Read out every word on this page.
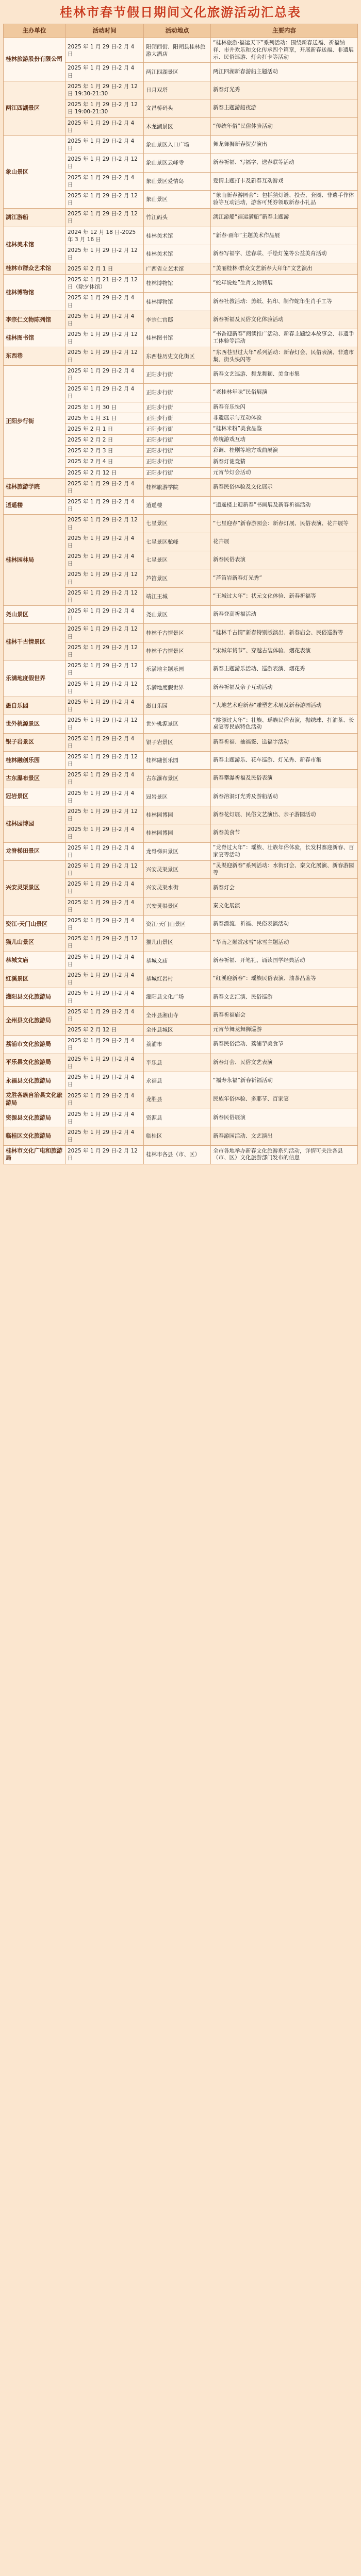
桂林市春节假日期间文化旅游活动汇总表
主办单位	活动时间	活动地点	主要内容
桂林旅游股份有限公司	2025 年 1 月 29 日-2 月 4 日	阳朔西街、阳朔县桂林旅游大酒店	“桂林旅游·福运天下”系列活动：围绕新春送福、祈福纳祥、市井欢乐和文化传承四个篇章，开展新春送福、非遗展示、民俗巡游、灯会打卡等活动
	2025 年 1 月 29 日-2 月 4 日	两江四湖景区	两江四湖新春游船主题活动
两江四湖景区	2025 年 1 月 29 日-2 月 12 日 19:30-21:30	日月双塔	新春灯光秀
	2025 年 1 月 29 日-2 月 12 日 19:00-21:30	文昌桥码头	新春主题游船夜游
	2025 年 1 月 29 日-2 月 4 日	木龙湖景区	“传统年俗”民俗体验活动
象山景区	2025 年 1 月 29 日-2 月 4 日	象山景区入口广场	舞龙舞狮新春贺岁演出
	2025 年 1 月 29 日-2 月 12 日	象山景区云峰寺	新春祈福、写福字、送春联等活动
	2025 年 1 月 29 日-2 月 4 日	象山景区爱情岛	爱情主题打卡及新春互动游戏
	2025 年 1 月 29 日-2 月 12 日	象山景区	“象山新春游园会”：包括猜灯谜、投壶、套圈、非遗手作体验等互动活动，游客可凭券领取新春小礼品
漓江游船	2025 年 1 月 29 日-2 月 12 日	竹江码头	漓江游船“福运满船”新春主题游
桂林美术馆	2024 年 12 月 18 日-2025 年 3 月 16 日	桂林美术馆	“新春·画年”主题美术作品展
	2025 年 1 月 29 日-2 月 12 日	桂林美术馆	新春写福字、送春联、手绘灯笼等公益美育活动
桂林市群众艺术馆	2025 年 2 月 1 日	广西省立艺术馆	“美丽桂林·群众文艺新春大拜年”文艺演出
桂林博物馆	2025 年 1 月 21 日-2 月 12 日（除夕休馆）	桂林博物馆	“蛇年说蛇”生肖文物特展
	2025 年 1 月 29 日-2 月 4 日	桂林博物馆	新春社教活动：剪纸、拓印、制作蛇年生肖手工等
李宗仁文物陈列馆	2025 年 1 月 29 日-2 月 4 日	李宗仁官邸	新春祈福及民俗文化体验活动
桂林图书馆	2025 年 1 月 29 日-2 月 12 日	桂林图书馆	“书香迎新春”阅读推广活动、新春主题绘本故事会、非遗手工体验等活动
东西巷	2025 年 1 月 29 日-2 月 12 日	东西巷历史文化街区	“东西巷里过大年”系列活动：新春灯会、民俗表演、非遗市集、街头快闪等
正阳步行街	2025 年 1 月 29 日-2 月 4 日	正阳步行街	新春文艺巡游、舞龙舞狮、美食市集
	2025 年 1 月 29 日-2 月 4 日	正阳步行街	“老桂林年味”民俗展演
	2025 年 1 月 30 日	正阳步行街	新春音乐快闪
	2025 年 1 月 31 日	正阳步行街	非遗展示与互动体验
	2025 年 2 月 1 日	正阳步行街	“桂林米粉”美食品鉴
	2025 年 2 月 2 日	正阳步行街	传统游戏互动
	2025 年 2 月 3 日	正阳步行街	彩调、桂剧等地方戏曲展演
	2025 年 2 月 4 日	正阳步行街	新春灯谜竞猜
	2025 年 2 月 12 日	正阳步行街	元宵节灯会活动
桂林旅游学院	2025 年 1 月 29 日-2 月 4 日	桂林旅游学院	新春民俗体验及文化展示
逍遥楼	2025 年 1 月 29 日-2 月 4 日	逍遥楼	“逍遥楼上迎新春”书画展及新春祈福活动
桂林园林局	2025 年 1 月 29 日-2 月 12 日	七星景区	“七星迎春”新春游园会：新春灯展、民俗表演、花卉展等
	2025 年 1 月 29 日-2 月 4 日	七星景区驼峰	花卉展
	2025 年 1 月 29 日-2 月 4 日	七星景区	新春民俗表演
	2025 年 1 月 29 日-2 月 12 日	芦笛景区	“芦笛岩新春灯光秀”
	2025 年 1 月 29 日-2 月 12 日	靖江王城	“王城过大年”：状元文化体验、新春祈福等
尧山景区	2025 年 1 月 29 日-2 月 4 日	尧山景区	新春登高祈福活动
桂林千古情景区	2025 年 1 月 29 日-2 月 12 日	桂林千古情景区	“桂林千古情”新春特别版演出、新春庙会、民俗巡游等
	2025 年 1 月 29 日-2 月 12 日	桂林千古情景区	“宋城年货节”、穿越古装体验、烟花表演
乐满地度假世界	2025 年 1 月 29 日-2 月 12 日	乐满地主题乐园	新春主题游乐活动、巡游表演、烟花秀
	2025 年 1 月 29 日-2 月 12 日	乐满地度假世界	新春祈福及亲子互动活动
愚自乐园	2025 年 1 月 29 日-2 月 4 日	愚自乐园	“大地艺术迎新春”雕塑艺术展及新春游园活动
世外桃源景区	2025 年 1 月 29 日-2 月 12 日	世外桃源景区	“桃源过大年”：壮族、瑶族民俗表演，抛绣球、打油茶、长桌宴等民族特色活动
银子岩景区	2025 年 1 月 29 日-2 月 4 日	银子岩景区	新春祈福、抽福签、送福字活动
桂林融创乐园	2025 年 1 月 29 日-2 月 12 日	桂林融创乐园	新春主题游乐、花车巡游、灯光秀、新春市集
古东瀑布景区	2025 年 1 月 29 日-2 月 4 日	古东瀑布景区	新春攀瀑祈福及民俗表演
冠岩景区	2025 年 1 月 29 日-2 月 4 日	冠岩景区	新春溶洞灯光秀及游船活动
桂林园博园	2025 年 1 月 29 日-2 月 12 日	桂林园博园	新春花灯展、民俗文艺演出、亲子游园活动
	2025 年 1 月 29 日-2 月 4 日	桂林园博园	新春美食节
龙脊梯田景区	2025 年 1 月 29 日-2 月 4 日	龙脊梯田景区	“龙脊过大年”：瑶族、壮族年俗体验，长发村寨迎新春、百家宴等活动
兴安灵渠景区	2025 年 1 月 29 日-2 月 12 日	兴安灵渠景区	“灵渠迎新春”系列活动：水街灯会、秦文化展演、新春游园等
	2025 年 1 月 29 日-2 月 4 日	兴安灵渠水街	新春灯会
	2025 年 1 月 29 日-2 月 4 日	兴安灵渠景区	秦文化展演
资江·天门山景区	2025 年 1 月 29 日-2 月 4 日	资江·天门山景区	新春漂流、祈福、民俗表演活动
猫儿山景区	2025 年 1 月 29 日-2 月 12 日	猫儿山景区	“华南之巅赏冰雪”冰雪主题活动
恭城文庙	2025 年 1 月 29 日-2 月 4 日	恭城文庙	新春祈福、开笔礼、诵读国学经典活动
红溪景区	2025 年 1 月 29 日-2 月 4 日	恭城红岩村	“红溪迎新春”：瑶族民俗表演、油茶品鉴等
灌阳县文化旅游局	2025 年 1 月 29 日-2 月 4 日	灌阳县文化广场	新春文艺汇演、民俗巡游
全州县文化旅游局	2025 年 1 月 29 日-2 月 4 日	全州县湘山寺	新春祈福庙会
	2025 年 2 月 12 日	全州县城区	元宵节舞龙舞狮巡游
荔浦市文化旅游局	2025 年 1 月 29 日-2 月 4 日	荔浦市	新春民俗活动、荔浦芋美食节
平乐县文化旅游局	2025 年 1 月 29 日-2 月 4 日	平乐县	新春灯会、民俗文艺表演
永福县文化旅游局	2025 年 1 月 29 日-2 月 4 日	永福县	“福寿永福”新春祈福活动
龙胜各族自治县文化旅游局	2025 年 1 月 29 日-2 月 4 日	龙胜县	民族年俗体验、多耶节、百家宴
资源县文化旅游局	2025 年 1 月 29 日-2 月 4 日	资源县	新春民俗展演
临桂区文化旅游局	2025 年 1 月 29 日-2 月 4 日	临桂区	新春游园活动、文艺演出
桂林市文化广电和旅游局	2025 年 1 月 29 日-2 月 12 日	桂林市各县（市、区）	全市各地举办新春文化旅游系列活动，详情可关注各县（市、区）文化旅游部门发布的信息
